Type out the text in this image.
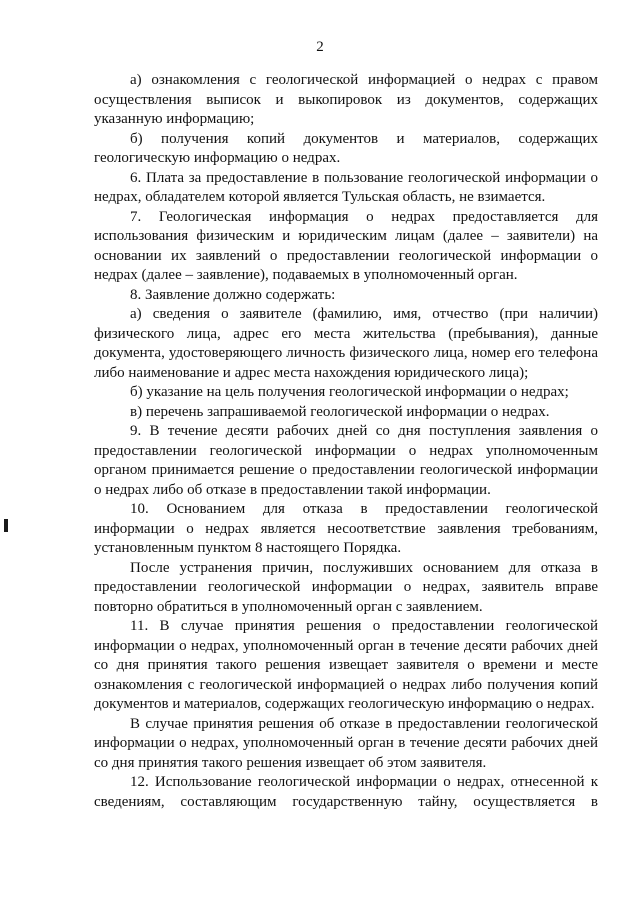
2

а) ознакомления с геологической информацией о недрах с правом осуществления выписок и выкопировок из документов, содержащих указанную информацию;

б) получения копий документов и материалов, содержащих геологическую информацию о недрах.

6. Плата за предоставление в пользование геологической информации о недрах, обладателем которой является Тульская область, не взимается.

7. Геологическая информация о недрах предоставляется для использования физическим и юридическим лицам (далее – заявители) на основании их заявлений о предоставлении геологической информации о недрах (далее – заявление), подаваемых в уполномоченный орган.

8. Заявление должно содержать:

а) сведения о заявителе (фамилию, имя, отчество (при наличии) физического лица, адрес его места жительства (пребывания), данные документа, удостоверяющего личность физического лица, номер его телефона либо наименование и адрес места нахождения юридического лица);

б) указание на цель получения геологической информации о недрах;

в) перечень запрашиваемой геологической информации о недрах.

9. В течение десяти рабочих дней со дня поступления заявления о предоставлении геологической информации о недрах уполномоченным органом принимается решение о предоставлении геологической информации о недрах либо об отказе в предоставлении такой информации.

10. Основанием для отказа в предоставлении геологической информации о недрах является несоответствие заявления требованиям, установленным пунктом 8 настоящего Порядка.

После устранения причин, послуживших основанием для отказа в предоставлении геологической информации о недрах, заявитель вправе повторно обратиться в уполномоченный орган с заявлением.

11. В случае принятия решения о предоставлении геологической информации о недрах, уполномоченный орган в течение десяти рабочих дней со дня принятия такого решения извещает заявителя о времени и месте ознакомления с геологической информацией о недрах либо получения копий документов и материалов, содержащих геологическую информацию о недрах.

В случае принятия решения об отказе в предоставлении геологической информации о недрах, уполномоченный орган в течение десяти рабочих дней со дня принятия такого решения извещает об этом заявителя.

12. Использование геологической информации о недрах, отнесенной к сведениям, составляющим государственную тайну, осуществляется в
